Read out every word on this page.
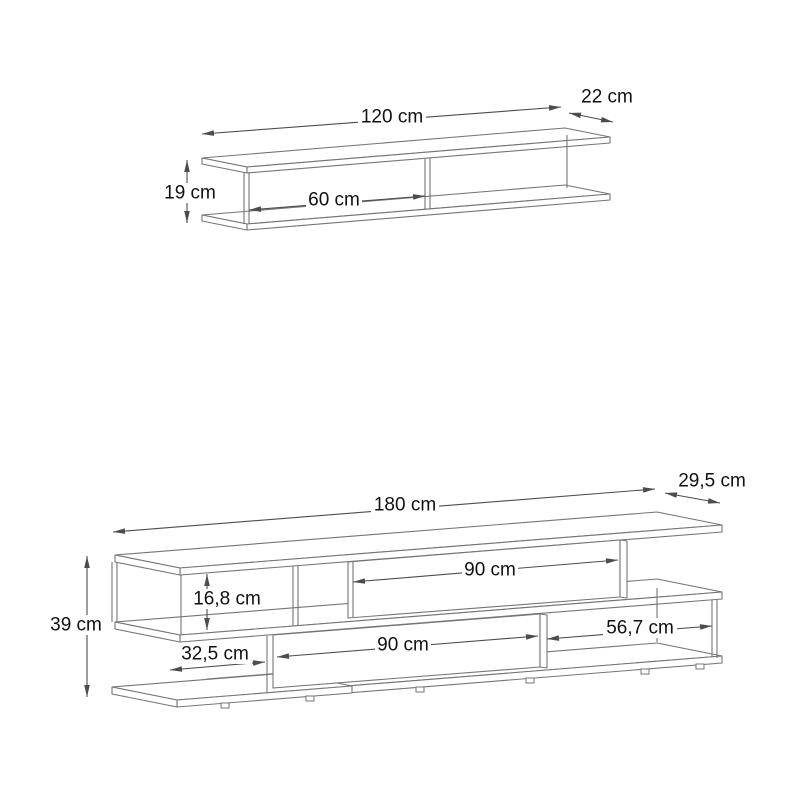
120 cm
22 cm
19 cm	60 cm
180 cm
29,5 cm
39 cm
16,8 cm
90 cm
32,5 cm	90 cm
56,7 cm
